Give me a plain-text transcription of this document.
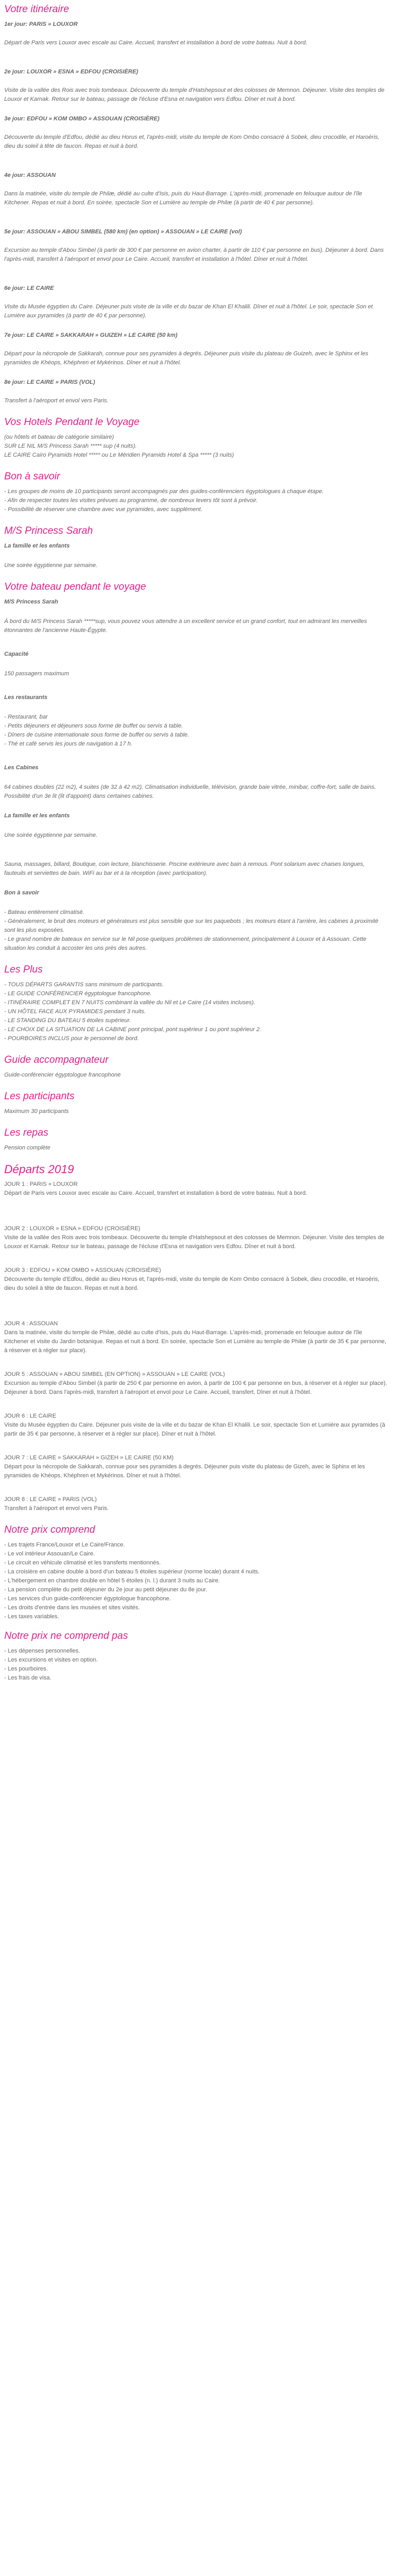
Votre itinéraire

1er jour: PARIS » LOUXOR

Départ de Paris vers Louxor avec escale au Caire. Accueil, transfert et installation à bord de votre bateau. Nuit à bord.

2e jour: LOUXOR » ESNA » EDFOU (CROISIÈRE)

Visite de la vallée des Rois avec trois tombeaux. Découverte du temple d'Hatshepsout et des colosses de Memnon. Déjeuner. Visite des temples de Louxor et Karnak. Retour sur le bateau, passage de l'écluse d'Esna et navigation vers Edfou. Dîner et nuit à bord.

3e jour: EDFOU » KOM OMBO » ASSOUAN (CROISIÈRE)

Découverte du temple d'Edfou, dédié au dieu Horus et, l'après-midi, visite du temple de Kom Ombo consacré à Sobek, dieu crocodile, et Haroéris, dieu du soleil à tête de faucon. Repas et nuit à bord.

4e jour: ASSOUAN

Dans la matinée, visite du temple de Philæ, dédié au culte d'Isis, puis du Haut-Barrage. L'après-midi, promenade en felouque autour de l'île Kitchener. Repas et nuit à bord. En soirée, spectacle Son et Lumière au temple de Philæ (à partir de 40 € par personne).

5e jour: ASSOUAN » ABOU SIMBEL (580 km) (en option) » ASSOUAN » LE CAIRE (vol)

Excursion au temple d'Abou Simbel (à partir de 300 € par personne en avion charter, à partir de 110 € par personne en bus). Déjeuner à bord. Dans l'après-midi, transfert à l'aéroport et envol pour Le Caire. Accueil, transfert et installation à l'hôtel. Dîner et nuit à l'hôtel.

6e jour: LE CAIRE

Visite du Musée égyptien du Caire. Déjeuner puis visite de la ville et du bazar de Khan El Khalili. Dîner et nuit à l'hôtel. Le soir, spectacle Son et Lumière aux pyramides (à partir de 40 € par personne).

7e jour: LE CAIRE » SAKKARAH » GUIZEH » LE CAIRE (50 km)

Départ pour la nécropole de Sakkarah, connue pour ses pyramides à degrés. Déjeuner puis visite du plateau de Guizeh, avec le Sphinx et les pyramides de Khéops, Khéphren et Mykérinos. Dîner et nuit à l'hôtel.

8e jour: LE CAIRE » PARIS (VOL)

Transfert à l'aéroport et envol vers Paris.

Vos Hotels Pendant le Voyage

(ou hôtels et bateau de catégorie similaire)

SUR LE NIL M/S Princess Sarah ***** sup (4 nuits).

LE CAIRE Cairo Pyramids Hotel ***** ou Le Méridien Pyramids Hotel & Spa ***** (3 nuits)

Bon à savoir

- Les groupes de moins de 10 participants seront accompagnés par des guides-conférenciers égyptologues à chaque étape.

- Afin de respecter toutes les visites prévues au programme, de nombreux levers tôt sont à prévoir.

- Possibilité de réserver une chambre avec vue pyramides, avec supplément.

M/S Princess Sarah

La famille et les enfants

Une soirée égyptienne par semaine.

Votre bateau pendant le voyage

M/S Princess Sarah

À bord du M/S Princess Sarah *****sup, vous pouvez vous attendre à un excellent service et un grand confort, tout en admirant les merveilles étonnantes de l'ancienne Haute-Égypte.

Capacité

150 passagers maximum

Les restaurants

- Restaurant, bar

- Petits déjeuners et déjeuners sous forme de buffet ou servis à table.

- Dîners de cuisine internationale sous forme de buffet ou servis à table.

- Thé et café servis les jours de navigation à 17 h.

Les Cabines

64 cabines doubles (22 m2), 4 suites (de 32 à 42 m2). Climatisation individuelle, télévision, grande baie vitrée, minibar, coffre-fort, salle de bains. Possibilité d'un 3e lit (lit d'appoint) dans certaines cabines.

La famille et les enfants

Une soirée égyptienne par semaine.

Sauna, massages, billard, Boutique, coin lecture, blanchisserie. Piscine extérieure avec bain à remous. Pont solarium avec chaises longues, fauteuils et serviettes de bain. WiFi au bar et à la réception (avec participation).

Bon à savoir

- Bateau entièrement climatisé.

- Généralement, le bruit des moteurs et générateurs est plus sensible que sur les paquebots ; les moteurs étant à l'arrière, les cabines à proximité sont les plus exposées.

- Le grand nombre de bateaux en service sur le Nil pose quelques problèmes de stationnement, principalement à Louxor et à Assouan. Cette situation les conduit à accoster les uns près des autres.

Les Plus

- TOUS DÉPARTS GARANTIS sans minimum de participants.

- LE GUIDE CONFÉRENCIER égyptologue francophone.

- ITINÉRAIRE COMPLET EN 7 NUITS combinant la vallée du Nil et Le Caire (14 visites incluses).

- UN HÔTEL FACE AUX PYRAMIDES pendant 3 nuits.

- LE STANDING DU BATEAU 5 étoiles supérieur.

- LE CHOIX DE LA SITUATION DE LA CABINE pont principal, pont supérieur 1 ou pont supérieur 2.

- POURBOIRES INCLUS pour le personnel de bord.

Guide accompagnateur

Guide-conférencier égyptologue francophone

Les participants

Maximum 30 participants

Les repas

Pension complète

Départs 2019

JOUR 1 : PARIS » LOUXOR

Départ de Paris vers Louxor avec escale au Caire. Accueil, transfert et installation à bord de votre bateau. Nuit à bord.

JOUR 2 : LOUXOR » ESNA » EDFOU (CROISIÈRE)

Visite de la vallée des Rois avec trois tombeaux. Découverte du temple d'Hatshepsout et des colosses de Memnon. Déjeuner. Visite des temples de Louxor et Karnak. Retour sur le bateau, passage de l'écluse d'Esna et navigation vers Edfou. Dîner et nuit à bord.

JOUR 3 : EDFOU » KOM OMBO » ASSOUAN (CROISIÈRE)

Découverte du temple d'Edfou, dédié au dieu Horus et, l'après-midi, visite du temple de Kom Ombo consacré à Sobek, dieu crocodile, et Haroéris, dieu du soleil à tête de faucon. Repas et nuit à bord.

JOUR 4 : ASSOUAN

Dans la matinée, visite du temple de Philæ, dédié au culte d'Isis, puis du Haut-Barrage. L'après-midi, promenade en felouque autour de l'île Kitchener et visite du Jardin botanique. Repas et nuit à bord. En soirée, spectacle Son et Lumière au temple de Philæ (à partir de 35 € par personne, à réserver et à régler sur place).

JOUR 5 : ASSOUAN » ABOU SIMBEL (EN OPTION) » ASSOUAN » LE CAIRE (VOL)

Excursion au temple d'Abou Simbel (à partir de 250 € par personne en avion, à partir de 100 € par personne en bus, à réserver et à régler sur place). Déjeuner à bord. Dans l'après-midi, transfert à l'aéroport et envol pour Le Caire. Accueil, transfert, Dîner et nuit à l'hôtel.

JOUR 6 : LE CAIRE

Visite du Musée égyptien du Caire. Déjeuner puis visite de la ville et du bazar de Khan El Khalili. Le soir, spectacle Son et Lumière aux pyramides (à partir de 35 € par personne, à réserver et à régler sur place). Dîner et nuit à l'hôtel.

JOUR 7 : LE CAIRE » SAKKARAH » GIZEH » LE CAIRE (50 KM)

Départ pour la nécropole de Sakkarah, connue pour ses pyramides à degrés. Déjeuner puis visite du plateau de Gizeh, avec le Sphinx et les pyramides de Khéops, Khéphren et Mykérinos. Dîner et nuit à l'hôtel.

JOUR 8 : LE CAIRE » PARIS (VOL)

Transfert à l'aéroport et envol vers Paris.

Notre prix comprend

- Les trajets France/Louxor et Le Caire/France.

- Le vol intérieur Assouan/Le Caire.

- Le circuit en véhicule climatisé et les transferts mentionnés.

- La croisière en cabine double à bord d'un bateau 5 étoiles supérieur (norme locale) durant 4 nuits.

- L'hébergement en chambre double en hôtel 5 étoiles (n. l.) durant 3 nuits au Caire.

- La pension complète du petit déjeuner du 2e jour au petit déjeuner du 8e jour.

- Les services d'un guide-conférencier égyptologue francophone.

- Les droits d'entrée dans les musées et sites visités.

- Les taxes variables.

Notre prix ne comprend pas

- Les dépenses personnelles.

- Les excursions et visites en option.

- Les pourboires.

- Les frais de visa.
